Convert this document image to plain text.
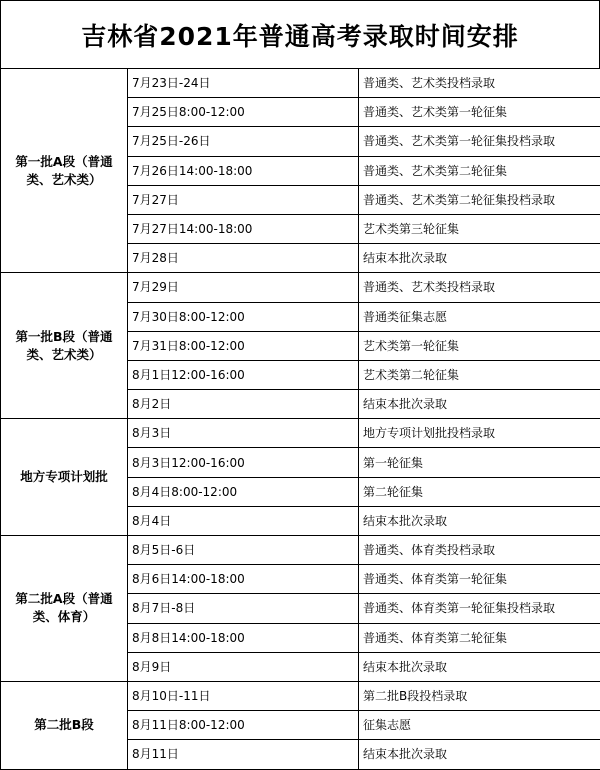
吉林省2021年普通高考录取时间安排
第一批A段（普通类、艺术类）	7月23日-24日	普通类、艺术类投档录取
	7月25日8:00-12:00	普通类、艺术类第一轮征集
	7月25日-26日	普通类、艺术类第一轮征集投档录取
	7月26日14:00-18:00	普通类、艺术类第二轮征集
	7月27日	普通类、艺术类第二轮征集投档录取
	7月27日14:00-18:00	艺术类第三轮征集
	7月28日	结束本批次录取
第一批B段（普通类、艺术类）	7月29日	普通类、艺术类投档录取
	7月30日8:00-12:00	普通类征集志愿
	7月31日8:00-12:00	艺术类第一轮征集
	8月1日12:00-16:00	艺术类第二轮征集
	8月2日	结束本批次录取
地方专项计划批	8月3日	地方专项计划批投档录取
	8月3日12:00-16:00	第一轮征集
	8月4日8:00-12:00	第二轮征集
	8月4日	结束本批次录取
第二批A段（普通类、体育）	8月5日-6日	普通类、体育类投档录取
	8月6日14:00-18:00	普通类、体育类第一轮征集
	8月7日-8日	普通类、体育类第一轮征集投档录取
	8月8日14:00-18:00	普通类、体育类第二轮征集
	8月9日	结束本批次录取
第二批B段	8月10日-11日	第二批B段投档录取
	8月11日8:00-12:00	征集志愿
	8月11日	结束本批次录取
